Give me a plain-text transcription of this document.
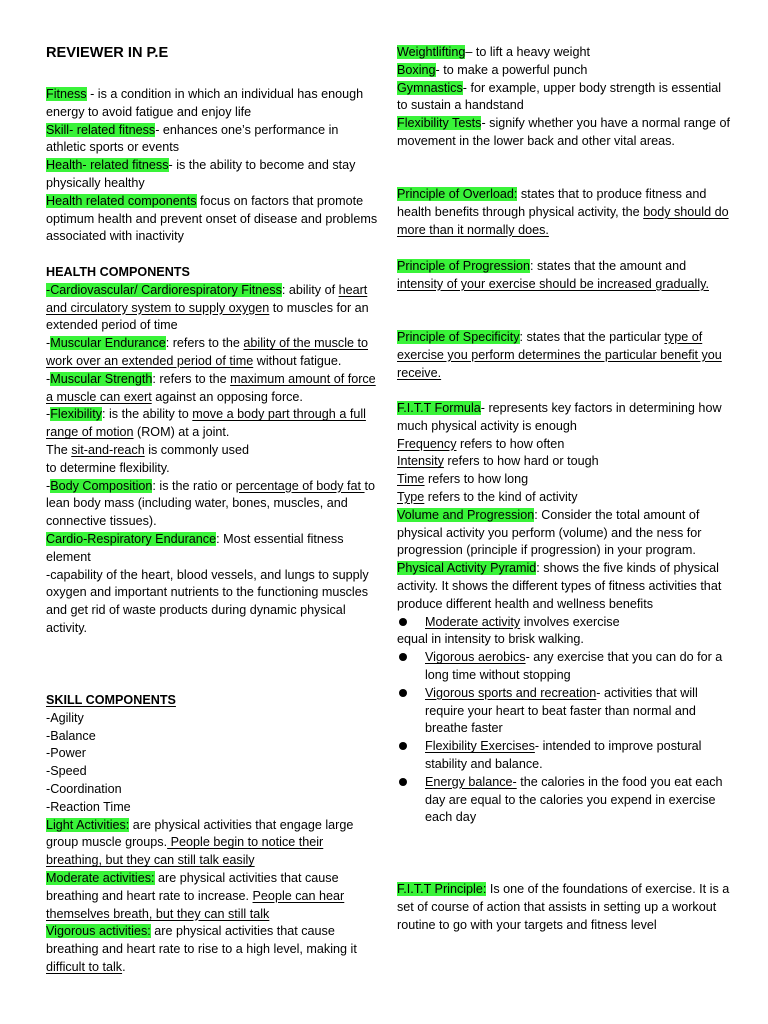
REVIEWER IN P.E

Fitness - is a condition in which an individual has enough energy to avoid fatigue and enjoy life

Skill- related fitness- enhances one’s performance in athletic sports or events

Health- related fitness- is the ability to become and stay physically healthy

Health related components focus on factors that promote optimum health and prevent onset of disease and problems associated with inactivity

HEALTH COMPONENTS

-Cardiovascular/ Cardiorespiratory Fitness: ability of heart and circulatory system to supply oxygen to muscles for an extended period of time

-Muscular Endurance: refers to the ability of the muscle to work over an extended period of time without fatigue.

-Muscular Strength: refers to the maximum amount of force a muscle can exert against an opposing force.

-Flexibility: is the ability to move a body part through a full range of motion (ROM) at a joint.

The sit-and-reach is commonly used

to determine flexibility.

-Body Composition: is the ratio or percentage of body fat to lean body mass (including water, bones, muscles, and connective tissues).

Cardio-Respiratory Endurance: Most essential fitness element

-capability of the heart, blood vessels, and lungs to supply oxygen and important nutrients to the functioning muscles and get rid of waste products during dynamic physical activity.

SKILL COMPONENTS

-Agility

-Balance

-Power

-Speed

-Coordination

-Reaction Time

Light Activities: are physical activities that engage large group muscle groups. People begin to notice their breathing, but they can still talk easily

Moderate activities: are physical activities that cause breathing and heart rate to increase. People can hear themselves breath, but they can still talk

Vigorous activities: are physical activities that cause breathing and heart rate to rise to a high level, making it difficult to talk.

Weightlifting– to lift a heavy weight

Boxing- to make a powerful punch

Gymnastics- for example, upper body strength is essential to sustain a handstand

Flexibility Tests- signify whether you have a normal range of movement in the lower back and other vital areas.

Principle of Overload: states that to produce fitness and health benefits through physical activity, the body should do more than it normally does.

Principle of Progression: states that the amount and intensity of your exercise should be increased gradually.

Principle of Specificity: states that the particular type of exercise you perform determines the particular benefit you receive.

F.I.T.T Formula- represents key factors in determining how much physical activity is enough

Frequency refers to how often

Intensity refers to how hard or tough

Time refers to how long

Type refers to the kind of activity

Volume and Progression: Consider the total amount of physical activity you perform (volume) and the ness for progression (principle if progression) in your program.

Physical Activity Pyramid: shows the five kinds of physical activity. It shows the different types of fitness activities that produce different health and wellness benefits

Moderate activity involves exercise

equal in intensity to brisk walking.

Vigorous aerobics- any exercise that you can do for a long time without stopping

Vigorous sports and recreation- activities that will require your heart to beat faster than normal and breathe faster

Flexibility Exercises- intended to improve postural stability and balance.

Energy balance- the calories in the food you eat each day are equal to the calories you expend in exercise each day

F.I.T.T Principle: Is one of the foundations of exercise. It is a set of course of action that assists in setting up a workout routine to go with your targets and fitness level
